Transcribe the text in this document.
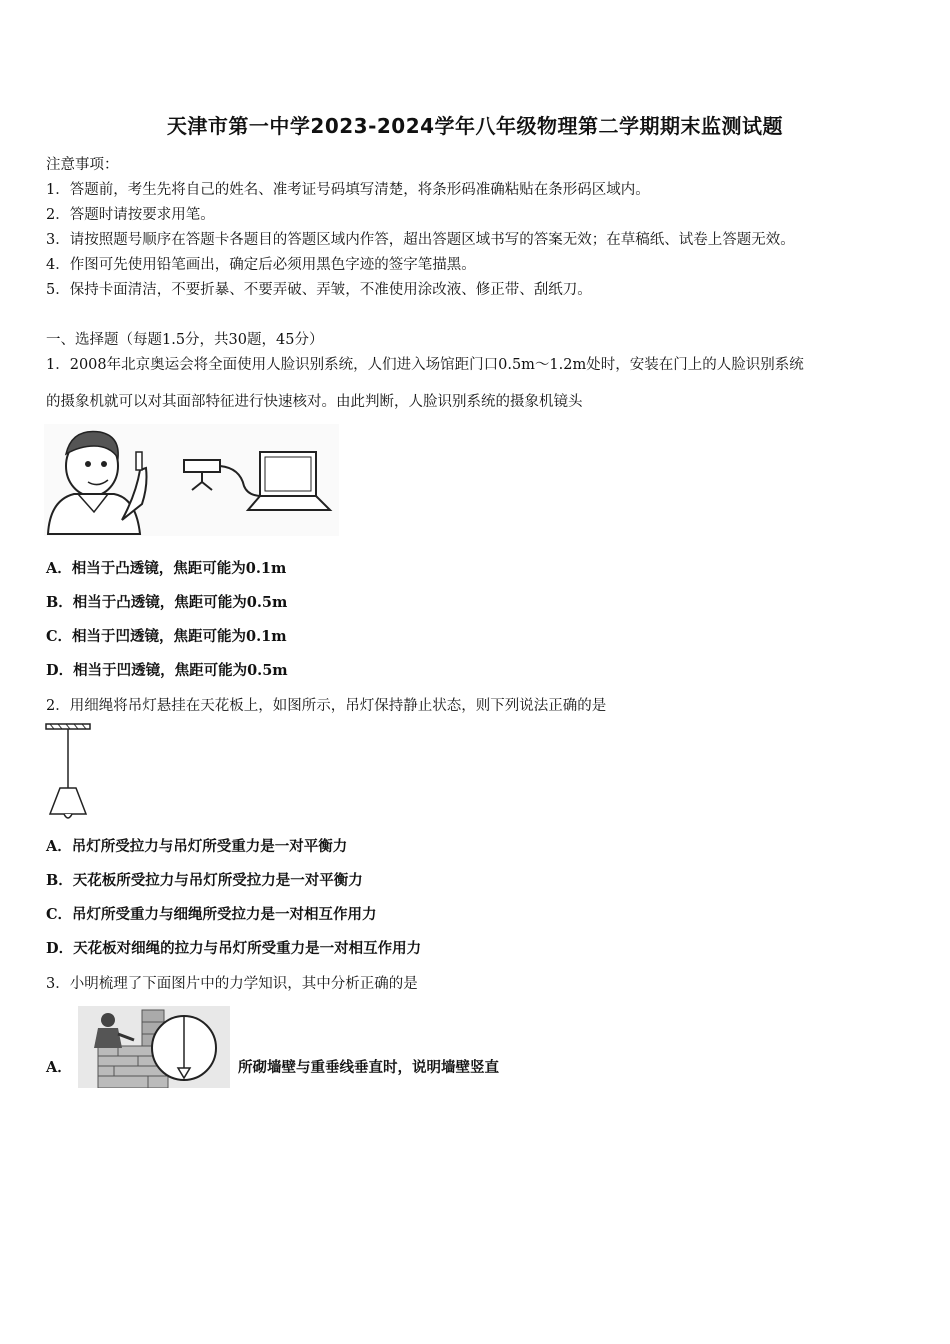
天津市第一中学2023-2024学年八年级物理第二学期期末监测试题
注意事项：
1．答题前，考生先将自己的姓名、准考证号码填写清楚，将条形码准确粘贴在条形码区域内。
2．答题时请按要求用笔。
3．请按照题号顺序在答题卡各题目的答题区域内作答，超出答题区域书写的答案无效；在草稿纸、试卷上答题无效。
4．作图可先使用铅笔画出，确定后必须用黑色字迹的签字笔描黑。
5．保持卡面清洁，不要折暴、不要弄破、弄皱，不准使用涂改液、修正带、刮纸刀。
一、选择题（每题1.5分，共30题，45分）
1．2008年北京奥运会将全面使用人脸识别系统，人们进入场馆距门口0.5m～1.2m处时，安装在门上的人脸识别系统
的摄象机就可以对其面部特征进行快速核对。由此判断，人脸识别系统的摄象机镜头
A．相当于凸透镜，焦距可能为0.1m
B．相当于凸透镜，焦距可能为0.5m
C．相当于凹透镜，焦距可能为0.1m
D．相当于凹透镜，焦距可能为0.5m
2．用细绳将吊灯悬挂在天花板上，如图所示，吊灯保持静止状态，则下列说法正确的是
A．吊灯所受拉力与吊灯所受重力是一对平衡力
B．天花板所受拉力与吊灯所受拉力是一对平衡力
C．吊灯所受重力与细绳所受拉力是一对相互作用力
D．天花板对细绳的拉力与吊灯所受重力是一对相互作用力
3．小明梳理了下面图片中的力学知识，其中分析正确的是
A．	所砌墙壁与重垂线垂直时，说明墙壁竖直
